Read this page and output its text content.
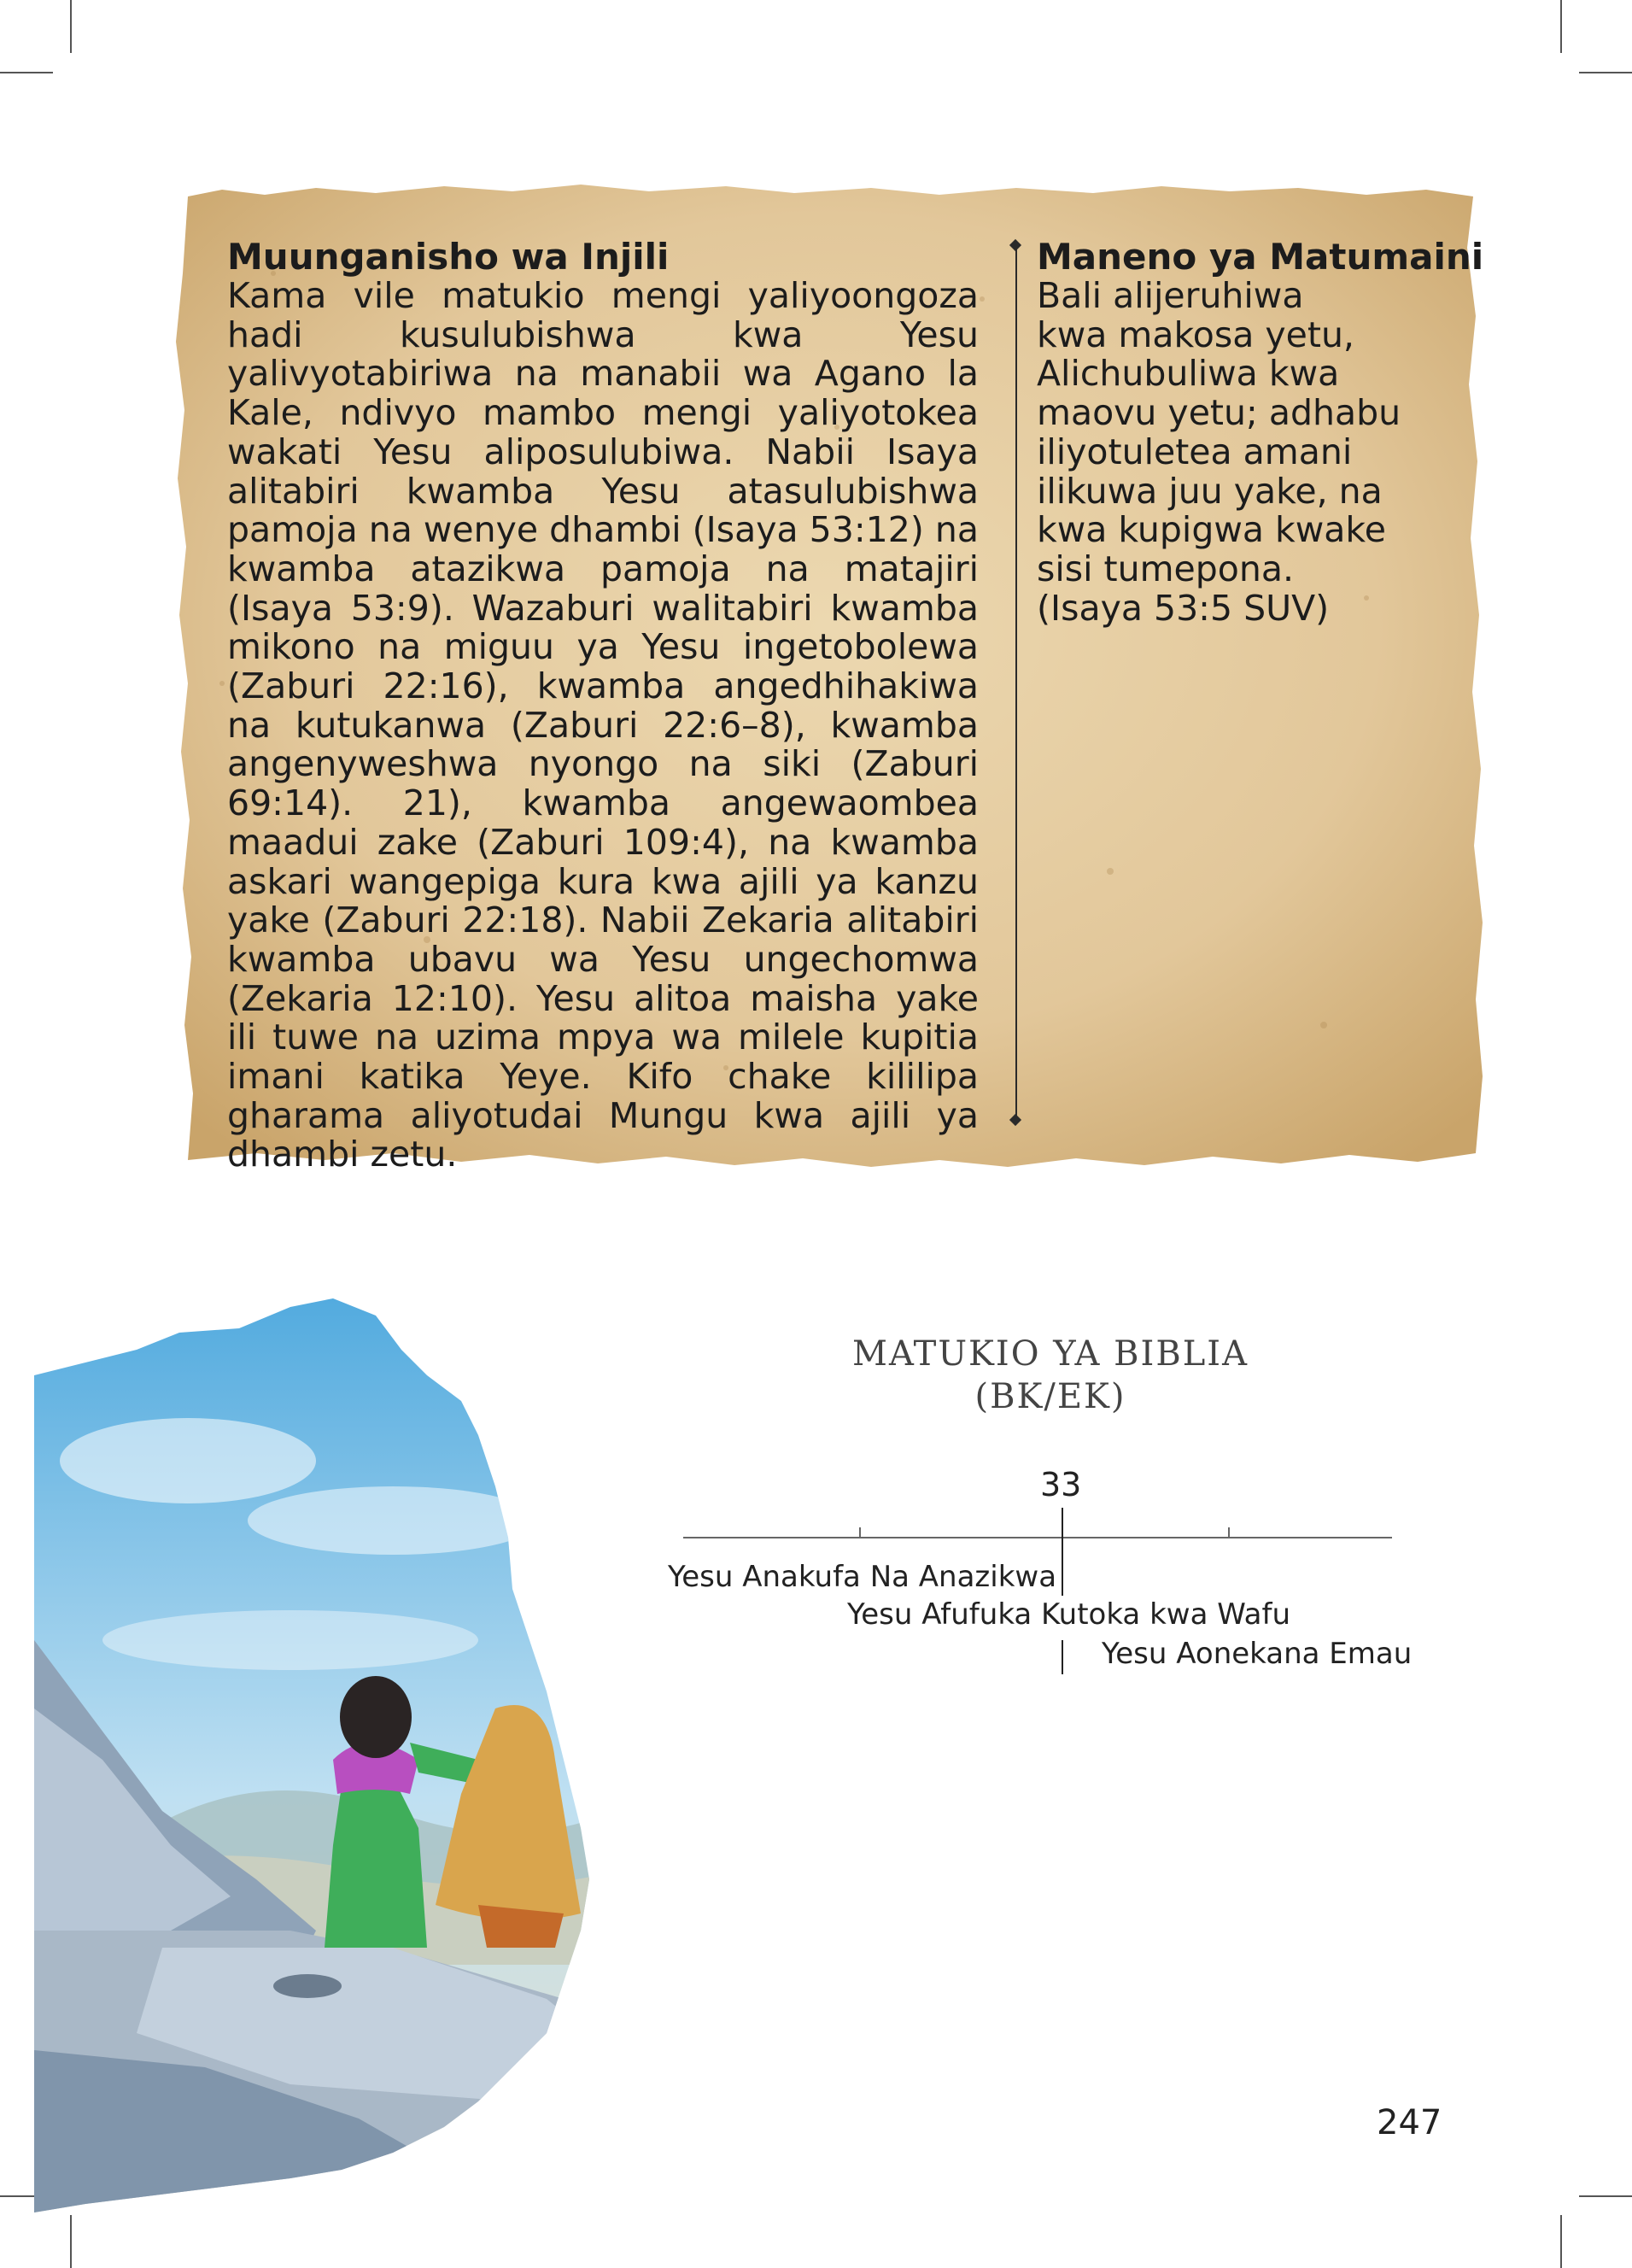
Muunganisho wa Injili

Kama vile matukio mengi yaliyoongoza hadi kusulubishwa kwa Yesu yalivyotabiriwa na manabii wa Agano la Kale, ndivyo mambo mengi yaliyotokea wakati Yesu aliposulubiwa. Nabii Isaya alitabiri kwamba Yesu atasulubishwa pamoja na wenye dhambi (Isaya 53:12) na kwamba atazikwa pamoja na matajiri (Isaya 53:9). Wazaburi walitabiri kwamba mikono na miguu ya Yesu ingetobolewa (Zaburi 22:16), kwamba angedhihakiwa na kutukanwa (Zaburi 22:6–8), kwamba angenyweshwa nyongo na siki (Zaburi 69:14). 21), kwamba angewaombea maadui zake (Zaburi 109:4), na kwamba askari wangepiga kura kwa ajili ya kanzu yake (Zaburi 22:18). Nabii Zekaria alitabiri kwamba ubavu wa Yesu ungechomwa (Zekaria 12:10). Yesu alitoa maisha yake ili tuwe na uzima mpya wa milele kupitia imani katika Yeye. Kifo chake kililipa gharama aliyotudai Mungu kwa ajili ya dhambi zetu.

Maneno ya Matumaini
Bali alijeruhiwa
kwa makosa yetu,
Alichubuliwa kwa
maovu yetu; adhabu
iliyotuletea amani
ilikuwa juu yake, na
kwa kupigwa kwake
sisi tumepona.
(Isaya 53:5 SUV)
MATUKIO YA BIBLIA
(BK/EK)
33
Yesu Anakufa Na Anazikwa
Yesu Afufuka Kutoka kwa Wafu
Yesu Aonekana Emau
247
